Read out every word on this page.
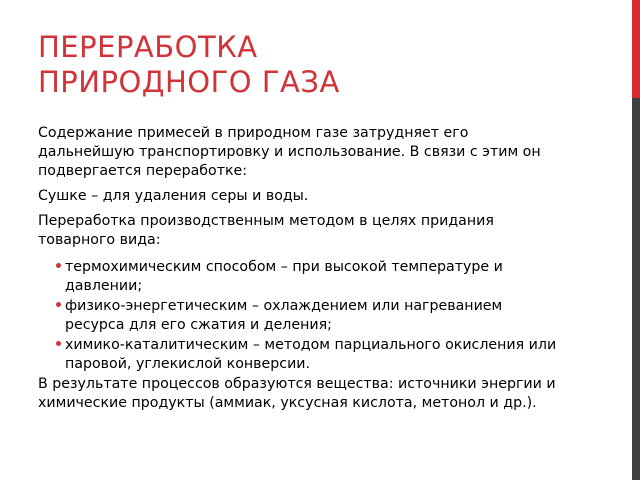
ПЕРЕРАБОТКА
ПРИРОДНОГО ГАЗА

Содержание примесей в природном газе затрудняет его дальнейшую транспортировку и использование. В связи с этим он подвергается переработке:

Сушке – для удаления серы и воды.

Переработка производственным методом в целях придания товарного вида:

термохимическим способом – при высокой температуре и давлении;
физико-энергетическим – охлаждением или нагреванием ресурса для его сжатия и деления;
химико-каталитическим – методом парциального окисления или паровой, углекислой конверсии.

В результате процессов образуются вещества: источники энергии и химические продукты (аммиак, уксусная кислота, метонол и др.).
